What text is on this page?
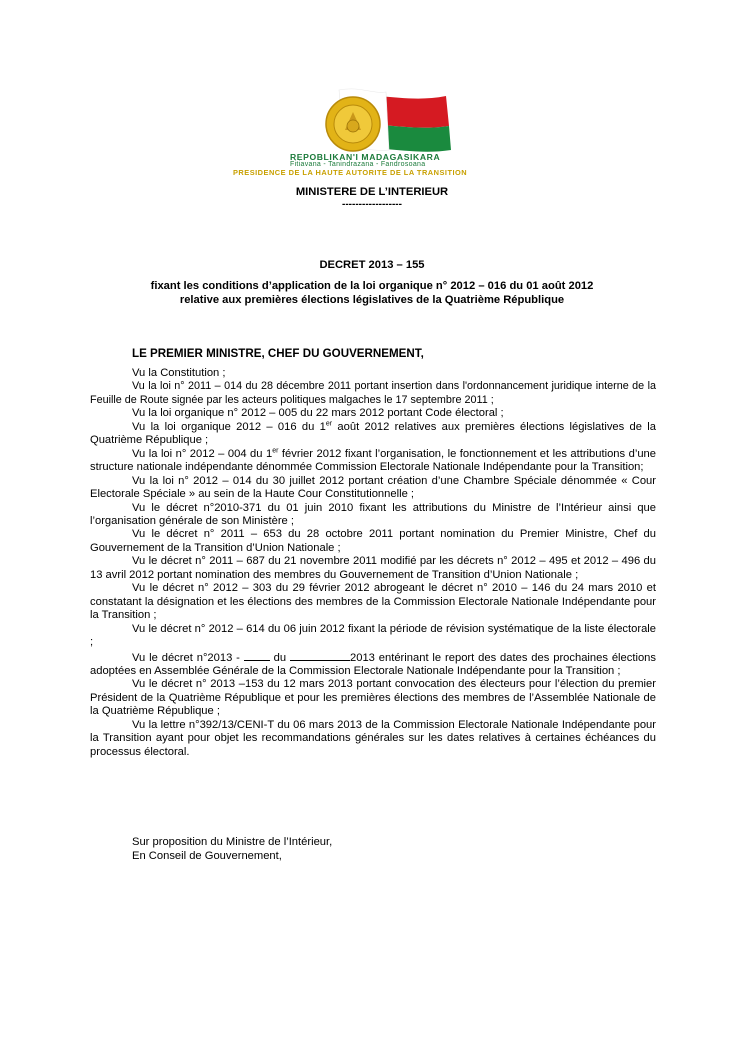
REPOBLIKAN'I MADAGASIKARA
Fitiavana - Tanindrazana - Fandrosoana
PRESIDENCE DE LA HAUTE AUTORITE DE LA TRANSITION
MINISTERE DE L’INTERIEUR
------------------
DECRET 2013 – 155
fixant les conditions d’application de la loi organique n° 2012 – 016 du 01 août 2012
relative aux premières élections législatives de la Quatrième République
LE PREMIER MINISTRE, CHEF DU GOUVERNEMENT,

Vu la Constitution ;

Vu la loi n° 2011 – 014 du 28 décembre 2011 portant insertion dans l'ordonnancement juridique interne de la Feuille de Route signée par les acteurs politiques malgaches le 17 septembre 2011 ;

Vu la loi organique n° 2012 – 005 du 22 mars 2012 portant Code électoral ;

Vu la loi organique 2012 – 016 du 1er août 2012 relatives aux premières élections législatives de la Quatrième République ;

Vu la loi n° 2012 – 004 du 1er février 2012 fixant l’organisation, le fonctionnement et les attributions d’une structure nationale indépendante dénommée Commission Electorale Nationale Indépendante pour la Transition;

Vu la loi n° 2012 – 014 du 30 juillet 2012 portant création d’une Chambre Spéciale dénommée « Cour Electorale Spéciale » au sein de la Haute Cour Constitutionnelle ;

Vu le décret n°2010-371 du 01 juin 2010 fixant les attributions du Ministre de l’Intérieur ainsi que l’organisation générale de son Ministère ;

Vu le décret n° 2011 – 653 du 28 octobre 2011 portant nomination du Premier Ministre, Chef du Gouvernement de la Transition d’Union Nationale ;

Vu le décret n° 2011 – 687 du 21 novembre 2011 modifié par les décrets n° 2012 – 495 et 2012 – 496 du 13 avril 2012 portant nomination des membres du Gouvernement de Transition d’Union Nationale ;

Vu le décret n° 2012 – 303 du 29 février 2012 abrogeant le décret n° 2010 – 146 du 24 mars 2010 et constatant la désignation et les élections des membres de la Commission Electorale Nationale Indépendante pour la Transition ;

Vu le décret n° 2012 – 614 du 06 juin 2012 fixant la période de révision systématique de la liste électorale ;

Vu le décret n°2013 -  du	2013 entérinant le report des dates des prochaines élections adoptées en Assemblée Générale de la Commission Electorale Nationale Indépendante pour la Transition ;

Vu le décret n° 2013 –153 du 12 mars 2013 portant convocation des électeurs pour l’élection du premier Président de la Quatrième République et pour les premières élections des membres de l’Assemblée Nationale de la Quatrième République ;

Vu la lettre n°392/13/CENI-T du 06 mars 2013 de la Commission Electorale Nationale Indépendante pour la Transition ayant pour objet les recommandations générales sur les dates relatives à certaines échéances du processus électoral.

Sur proposition du Ministre de l’Intérieur,
En Conseil de Gouvernement,
